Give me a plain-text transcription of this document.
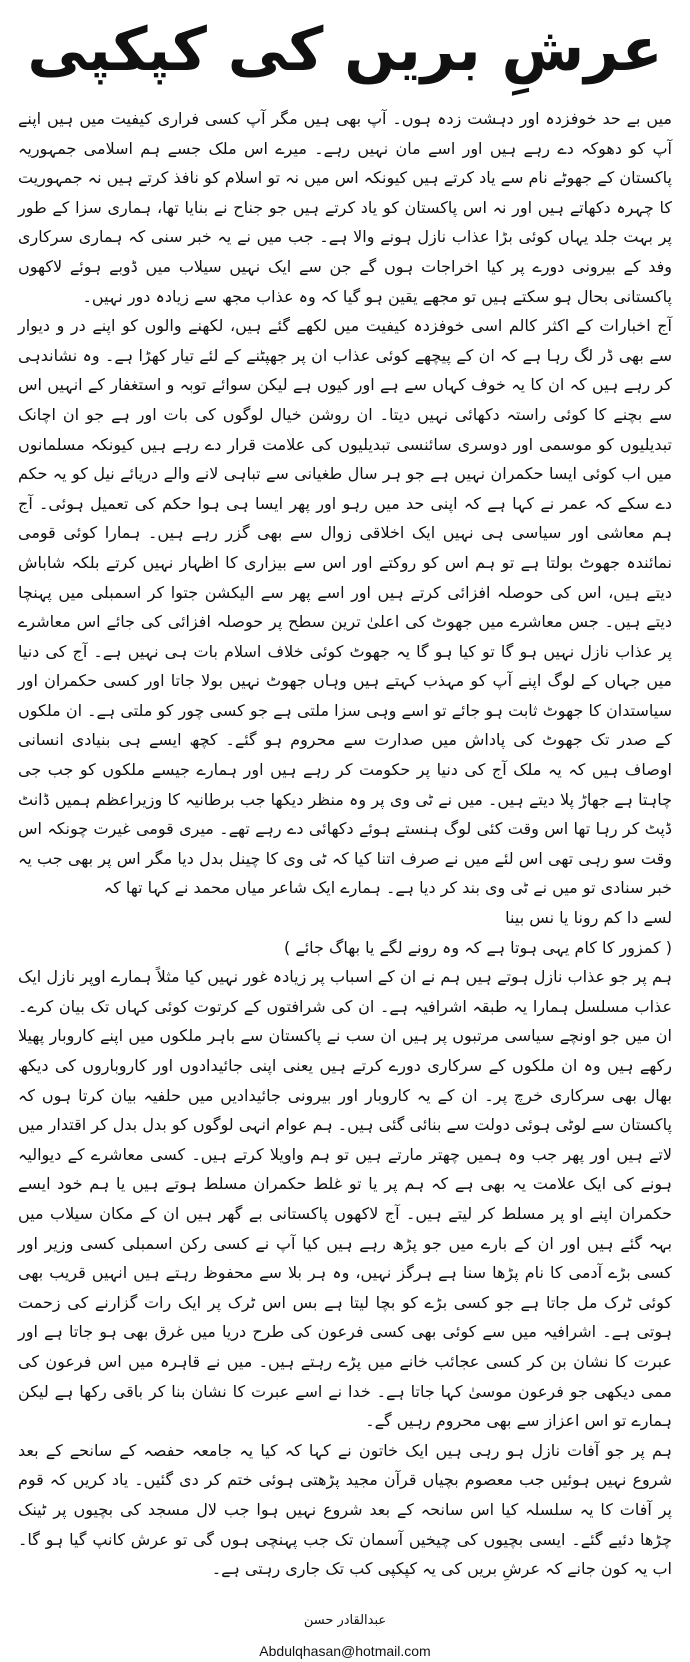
عرشِ بریں کی کپکپی

میں بے حد خوفزدہ اور دہشت زدہ ہوں۔ آپ بھی ہیں مگر آپ کسی فراری کیفیت میں ہیں اپنے آپ کو دھوکہ دے رہے ہیں اور اسے مان نہیں رہے۔ میرے اس ملک جسے ہم اسلامی جمہوریہ پاکستان کے جھوٹے نام سے یاد کرتے ہیں کیونکہ اس میں نہ تو اسلام کو نافذ کرتے ہیں نہ جمہوریت کا چہرہ دکھاتے ہیں اور نہ اس پاکستان کو یاد کرتے ہیں جو جناح نے بنایا تھا، ہماری سزا کے طور پر بہت جلد یہاں کوئی بڑا عذاب نازل ہونے والا ہے۔ جب میں نے یہ خبر سنی کہ ہماری سرکاری وفد کے بیرونی دورے پر کیا اخراجات ہوں گے جن سے ایک نہیں سیلاب میں ڈوبے ہوئے لاکھوں پاکستانی بحال ہو سکتے ہیں تو مجھے یقین ہو گیا کہ وہ عذاب مجھ سے زیادہ دور نہیں۔

آج اخبارات کے اکثر کالم اسی خوفزدہ کیفیت میں لکھے گئے ہیں، لکھنے والوں کو اپنے در و دیوار سے بھی ڈر لگ رہا ہے کہ ان کے پیچھے کوئی عذاب ان پر جھپٹنے کے لئے تیار کھڑا ہے۔ وہ نشاندہی کر رہے ہیں کہ ان کا یہ خوف کہاں سے ہے اور کیوں ہے لیکن سوائے توبہ و استغفار کے انہیں اس سے بچنے کا کوئی راستہ دکھائی نہیں دیتا۔ ان روشن خیال لوگوں کی بات اور ہے جو ان اچانک تبدیلیوں کو موسمی اور دوسری سائنسی تبدیلیوں کی علامت قرار دے رہے ہیں کیونکہ مسلمانوں میں اب کوئی ایسا حکمران نہیں ہے جو ہر سال طغیانی سے تباہی لانے والے دریائے نیل کو یہ حکم دے سکے کہ عمر نے کہا ہے کہ اپنی حد میں رہو اور پھر ایسا ہی ہوا حکم کی تعمیل ہوئی۔ آج ہم معاشی اور سیاسی ہی نہیں ایک اخلاقی زوال سے بھی گزر رہے ہیں۔ ہمارا کوئی قومی نمائندہ جھوٹ بولتا ہے تو ہم اس کو روکتے اور اس سے بیزاری کا اظہار نہیں کرتے بلکہ شاباش دیتے ہیں، اس کی حوصلہ افزائی کرتے ہیں اور اسے پھر سے الیکشن جتوا کر اسمبلی میں پہنچا دیتے ہیں۔ جس معاشرے میں جھوٹ کی اعلیٰ ترین سطح پر حوصلہ افزائی کی جائے اس معاشرے پر عذاب نازل نہیں ہو گا تو کیا ہو گا یہ جھوٹ کوئی خلاف اسلام بات ہی نہیں ہے۔ آج کی دنیا میں جہاں کے لوگ اپنے آپ کو مہذب کہتے ہیں وہاں جھوٹ نہیں بولا جاتا اور کسی حکمران اور سیاستدان کا جھوٹ ثابت ہو جائے تو اسے وہی سزا ملتی ہے جو کسی چور کو ملتی ہے۔ ان ملکوں کے صدر تک جھوٹ کی پاداش میں صدارت سے محروم ہو گئے۔ کچھ ایسے ہی بنیادی انسانی اوصاف ہیں کہ یہ ملک آج کی دنیا پر حکومت کر رہے ہیں اور ہمارے جیسے ملکوں کو جب جی چاہتا ہے جھاڑ پلا دیتے ہیں۔ میں نے ٹی وی پر وہ منظر دیکھا جب برطانیہ کا وزیراعظم ہمیں ڈانٹ ڈپٹ کر رہا تھا اس وقت کئی لوگ ہنستے ہوئے دکھائی دے رہے تھے۔ میری قومی غیرت چونکہ اس وقت سو رہی تھی اس لئے میں نے صرف اتنا کیا کہ ٹی وی کا چینل بدل دیا مگر اس پر بھی جب یہ خبر سنادی تو میں نے ٹی وی بند کر دیا ہے۔ ہمارے ایک شاعر میاں محمد نے کہا تھا کہ

لسے دا کم رونا یا نس بینا

( کمزور کا کام یہی ہوتا ہے کہ وہ رونے لگے یا بھاگ جائے )

ہم پر جو عذاب نازل ہوتے ہیں ہم نے ان کے اسباب پر زیادہ غور نہیں کیا مثلاً ہمارے اوپر نازل ایک عذاب مسلسل ہمارا یہ طبقہ اشرافیہ ہے۔ ان کی شرافتوں کے کرتوت کوئی کہاں تک بیان کرے۔ ان میں جو اونچے سیاسی مرتبوں پر ہیں ان سب نے پاکستان سے باہر ملکوں میں اپنے کاروبار پھیلا رکھے ہیں وہ ان ملکوں کے سرکاری دورے کرتے ہیں یعنی اپنی جائیدادوں اور کاروباروں کی دیکھ بھال بھی سرکاری خرچ پر۔ ان کے یہ کاروبار اور بیرونی جائیدادیں میں حلفیہ بیان کرتا ہوں کہ پاکستان سے لوٹی ہوئی دولت سے بنائی گئی ہیں۔ ہم عوام انہی لوگوں کو بدل بدل کر اقتدار میں لاتے ہیں اور پھر جب وہ ہمیں چھتر مارتے ہیں تو ہم واویلا کرتے ہیں۔ کسی معاشرے کے دیوالیہ ہونے کی ایک علامت یہ بھی ہے کہ ہم پر یا تو غلط حکمران مسلط ہوتے ہیں یا ہم خود ایسے حکمران اپنے او پر مسلط کر لیتے ہیں۔ آج لاکھوں پاکستانی بے گھر ہیں ان کے مکان سیلاب میں بہہ گئے ہیں اور ان کے بارے میں جو پڑھ رہے ہیں کیا آپ نے کسی رکن اسمبلی کسی وزیر اور کسی بڑے آدمی کا نام پڑھا سنا ہے ہرگز نہیں، وہ ہر بلا سے محفوظ رہتے ہیں انہیں قریب بھی کوئی ٹرک مل جاتا ہے جو کسی بڑے کو بچا لیتا ہے بس اس ٹرک پر ایک رات گزارنے کی زحمت ہوتی ہے۔ اشرافیہ میں سے کوئی بھی کسی فرعون کی طرح دریا میں غرق بھی ہو جاتا ہے اور عبرت کا نشان بن کر کسی عجائب خانے میں پڑے رہتے ہیں۔ میں نے قاہرہ میں اس فرعون کی ممی دیکھی جو فرعون موسیٰ کہا جاتا ہے۔ خدا نے اسے عبرت کا نشان بنا کر باقی رکھا ہے لیکن ہمارے تو اس اعزاز سے بھی محروم رہیں گے۔

ہم پر جو آفات نازل ہو رہی ہیں ایک خاتون نے کہا کہ کیا یہ جامعہ حفصہ کے سانحے کے بعد شروع نہیں ہوئیں جب معصوم بچیاں قرآن مجید پڑھتی ہوئی ختم کر دی گئیں۔ یاد کریں کہ قوم پر آفات کا یہ سلسلہ کیا اس سانحہ کے بعد شروع نہیں ہوا جب لال مسجد کی بچیوں پر ٹینک چڑھا دئیے گئے۔ ایسی بچیوں کی چیخیں آسمان تک جب پہنچی ہوں گی تو عرش کانپ گیا ہو گا۔ اب یہ کون جانے کہ عرشِ بریں کی یہ کپکپی کب تک جاری رہتی ہے۔

عبدالقادر حسن
Abdulqhasan@hotmail.com
